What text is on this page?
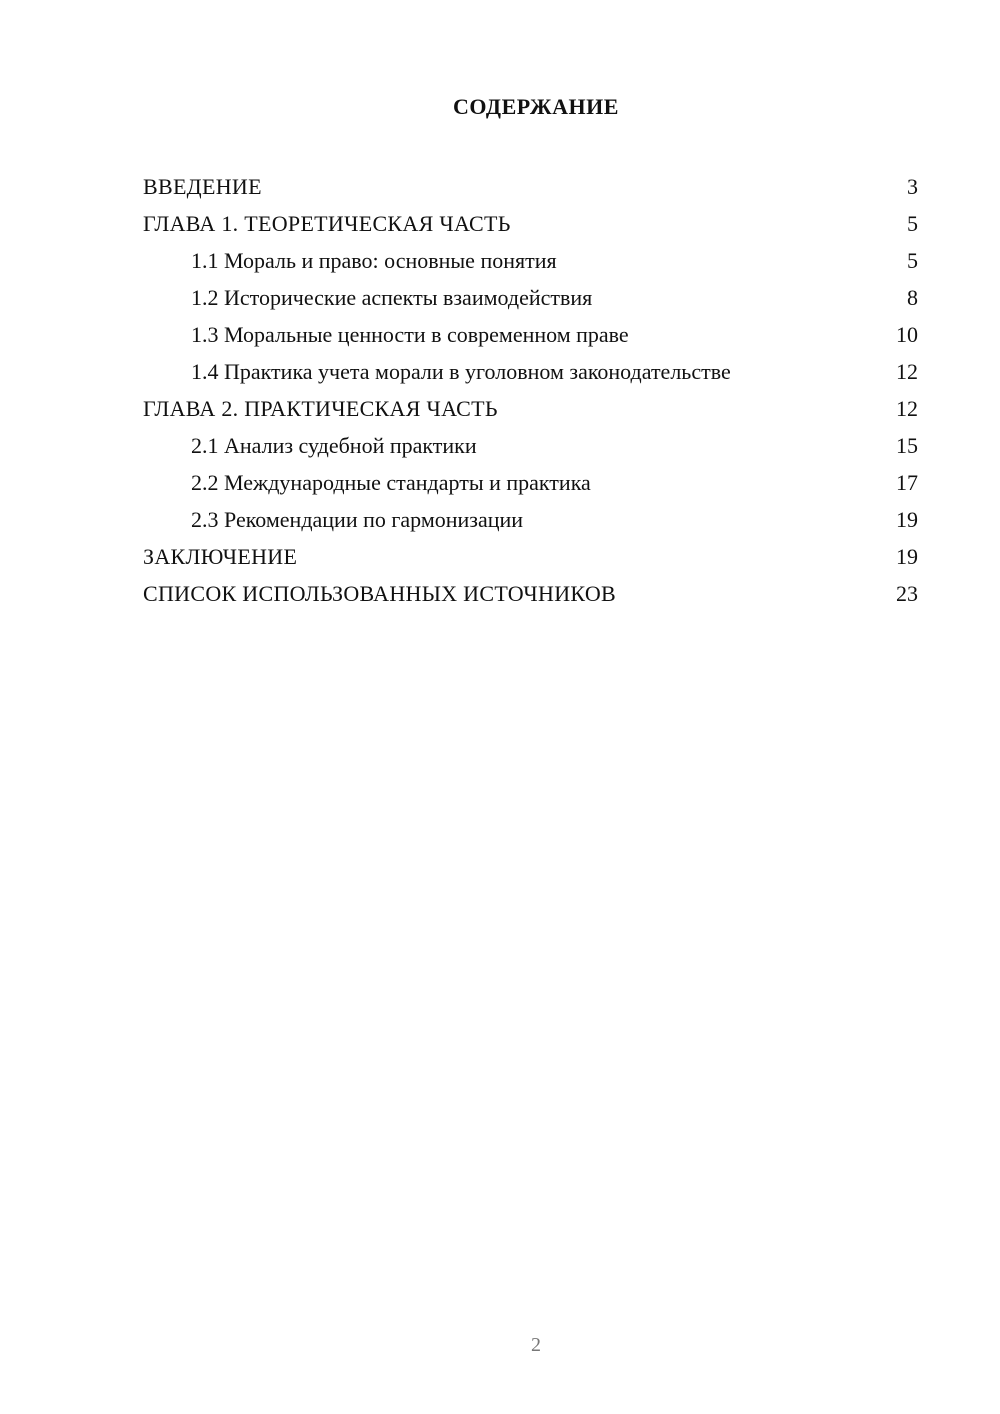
СОДЕРЖАНИЕ
ВВЕДЕНИЕ	3
ГЛАВА 1. ТЕОРЕТИЧЕСКАЯ ЧАСТЬ	5
1.1 Мораль и право: основные понятия	5
1.2 Исторические аспекты взаимодействия	8
1.3 Моральные ценности в современном праве	10
1.4 Практика учета морали в уголовном законодательстве	12
ГЛАВА 2. ПРАКТИЧЕСКАЯ ЧАСТЬ	12
2.1 Анализ судебной практики	15
2.2 Международные стандарты и практика	17
2.3 Рекомендации по гармонизации	19
ЗАКЛЮЧЕНИЕ	19
СПИСОК ИСПОЛЬЗОВАННЫХ ИСТОЧНИКОВ	23
2
